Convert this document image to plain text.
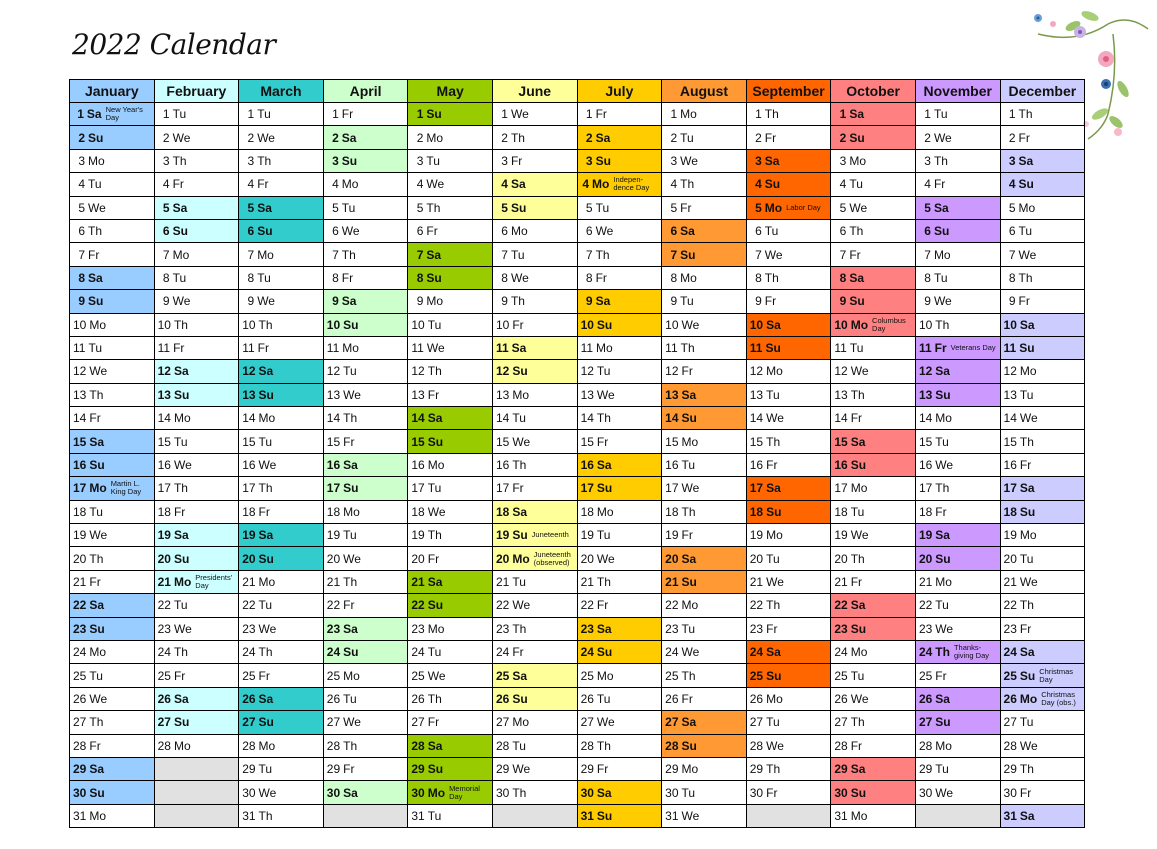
2022 Calendar
January	February	March	April	May	June	July	August	September	October	November	December

1 Sa New Year's Day	1 Tu	1 Tu	1 Fr	1 Su	1 We	1 Fr	1 Mo	1 Th	1 Sa	1 Tu	1 Th

2 Su	2 We	2 We	2 Sa	2 Mo	2 Th	2 Sa	2 Tu	2 Fr	2 Su	2 We	2 Fr

3 Mo	3 Th	3 Th	3 Su	3 Tu	3 Fr	3 Su	3 We	3 Sa	3 Mo	3 Th	3 Sa

4 Tu	4 Fr	4 Fr	4 Mo	4 We	4 Sa	4 Mo Indepen- dence Day	4 Th	4 Su	4 Tu	4 Fr	4 Su

5 We	5 Sa	5 Sa	5 Tu	5 Th	5 Su	5 Tu	5 Fr	5 Mo Labor Day	5 We	5 Sa	5 Mo

6 Th	6 Su	6 Su	6 We	6 Fr	6 Mo	6 We	6 Sa	6 Tu	6 Th	6 Su	6 Tu

7 Fr	7 Mo	7 Mo	7 Th	7 Sa	7 Tu	7 Th	7 Su	7 We	7 Fr	7 Mo	7 We

8 Sa	8 Tu	8 Tu	8 Fr	8 Su	8 We	8 Fr	8 Mo	8 Th	8 Sa	8 Tu	8 Th

9 Su	9 We	9 We	9 Sa	9 Mo	9 Th	9 Sa	9 Tu	9 Fr	9 Su	9 We	9 Fr

10 Mo	10 Th	10 Th	10 Su	10 Tu	10 Fr	10 Su	10 We	10 Sa	10 Mo Columbus Day	10 Th	10 Sa

11 Tu	11 Fr	11 Fr	11 Mo	11 We	11 Sa	11 Mo	11 Th	11 Su	11 Tu	11 Fr Veterans Day	11 Su

12 We	12 Sa	12 Sa	12 Tu	12 Th	12 Su	12 Tu	12 Fr	12 Mo	12 We	12 Sa	12 Mo

13 Th	13 Su	13 Su	13 We	13 Fr	13 Mo	13 We	13 Sa	13 Tu	13 Th	13 Su	13 Tu

14 Fr	14 Mo	14 Mo	14 Th	14 Sa	14 Tu	14 Th	14 Su	14 We	14 Fr	14 Mo	14 We

15 Sa	15 Tu	15 Tu	15 Fr	15 Su	15 We	15 Fr	15 Mo	15 Th	15 Sa	15 Tu	15 Th

16 Su	16 We	16 We	16 Sa	16 Mo	16 Th	16 Sa	16 Tu	16 Fr	16 Su	16 We	16 Fr

17 Mo Martin L. King Day	17 Th	17 Th	17 Su	17 Tu	17 Fr	17 Su	17 We	17 Sa	17 Mo	17 Th	17 Sa

18 Tu	18 Fr	18 Fr	18 Mo	18 We	18 Sa	18 Mo	18 Th	18 Su	18 Tu	18 Fr	18 Su

19 We	19 Sa	19 Sa	19 Tu	19 Th	19 Su Juneteenth	19 Tu	19 Fr	19 Mo	19 We	19 Sa	19 Mo

20 Th	20 Su	20 Su	20 We	20 Fr	20 Mo Juneteenth (observed)	20 We	20 Sa	20 Tu	20 Th	20 Su	20 Tu

21 Fr	21 Mo Presidents' Day	21 Mo	21 Th	21 Sa	21 Tu	21 Th	21 Su	21 We	21 Fr	21 Mo	21 We

22 Sa	22 Tu	22 Tu	22 Fr	22 Su	22 We	22 Fr	22 Mo	22 Th	22 Sa	22 Tu	22 Th

23 Su	23 We	23 We	23 Sa	23 Mo	23 Th	23 Sa	23 Tu	23 Fr	23 Su	23 We	23 Fr

24 Mo	24 Th	24 Th	24 Su	24 Tu	24 Fr	24 Su	24 We	24 Sa	24 Mo	24 Th Thanks- giving Day	24 Sa

25 Tu	25 Fr	25 Fr	25 Mo	25 We	25 Sa	25 Mo	25 Th	25 Su	25 Tu	25 Fr	25 Su Christmas Day

26 We	26 Sa	26 Sa	26 Tu	26 Th	26 Su	26 Tu	26 Fr	26 Mo	26 We	26 Sa	26 Mo Christmas Day (obs.)

27 Th	27 Su	27 Su	27 We	27 Fr	27 Mo	27 We	27 Sa	27 Tu	27 Th	27 Su	27 Tu

28 Fr	28 Mo	28 Mo	28 Th	28 Sa	28 Tu	28 Th	28 Su	28 We	28 Fr	28 Mo	28 We

29 Sa		29 Tu	29 Fr	29 Su	29 We	29 Fr	29 Mo	29 Th	29 Sa	29 Tu	29 Th

30 Su		30 We	30 Sa	30 Mo Memorial Day	30 Th	30 Sa	30 Tu	30 Fr	30 Su	30 We	30 Fr

31 Mo		31 Th		31 Tu		31 Su	31 We		31 Mo		31 Sa
